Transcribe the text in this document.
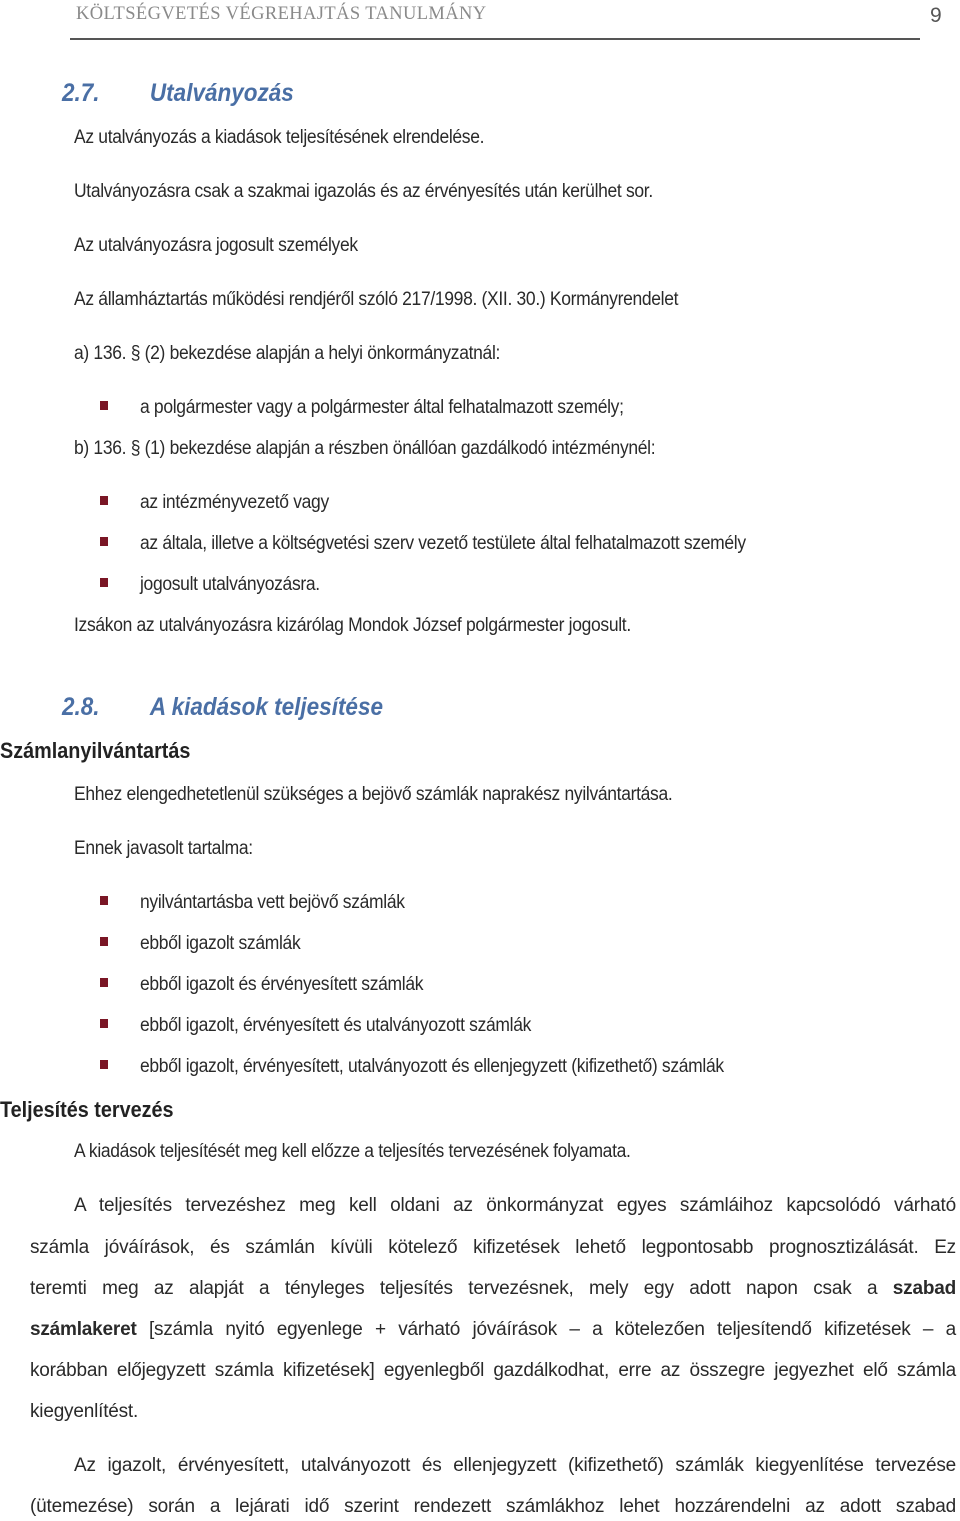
KÖLTSÉGVETÉS VÉGREHAJTÁS TANULMÁNY	9
2.7. Utalványozás
Az utalványozás a kiadások teljesítésének elrendelése.
Utalványozásra csak a szakmai igazolás és az érvényesítés után kerülhet sor.
Az utalványozásra jogosult személyek
Az államháztartás működési rendjéről szóló 217/1998. (XII. 30.) Kormányrendelet
a) 136. § (2) bekezdése alapján a helyi önkormányzatnál:
a polgármester vagy a polgármester által felhatalmazott személy;
b) 136. § (1) bekezdése alapján a részben önállóan gazdálkodó intézménynél:
az intézményvezető vagy
az általa, illetve a költségvetési szerv vezető testülete által felhatalmazott személy
jogosult utalványozásra.
Izsákon az utalványozásra kizárólag Mondok József polgármester jogosult.
2.8. A kiadások teljesítése
Számlanyilvántartás
Ehhez elengedhetetlenül szükséges a bejövő számlák naprakész nyilvántartása.
Ennek javasolt tartalma:
nyilvántartásba vett bejövő számlák
ebből igazolt számlák
ebből igazolt és érvényesített számlák
ebből igazolt, érvényesített és utalványozott számlák
ebből igazolt, érvényesített, utalványozott és ellenjegyzett (kifizethető) számlák
Teljesítés tervezés
A kiadások teljesítését meg kell előzze a teljesítés tervezésének folyamata.
A teljesítés tervezéshez meg kell oldani az önkormányzat egyes számláihoz kapcsolódó várható
számla jóváírások, és számlán kívüli kötelező kifizetések lehető legpontosabb prognosztizálását. Ez
teremti meg az alapját a tényleges teljesítés tervezésnek, mely egy adott napon csak a szabad
számlakeret [számla nyitó egyenlege + várható jóváírások – a kötelezően teljesítendő kifizetések – a
korábban előjegyzett számla kifizetések] egyenlegből gazdálkodhat, erre az összegre jegyezhet elő számla
kiegyenlítést.
Az igazolt, érvényesített, utalványozott és ellenjegyzett (kifizethető) számlák kiegyenlítése tervezése
(ütemezése) során a lejárati idő szerint rendezett számlákhoz lehet hozzárendelni az adott szabad
